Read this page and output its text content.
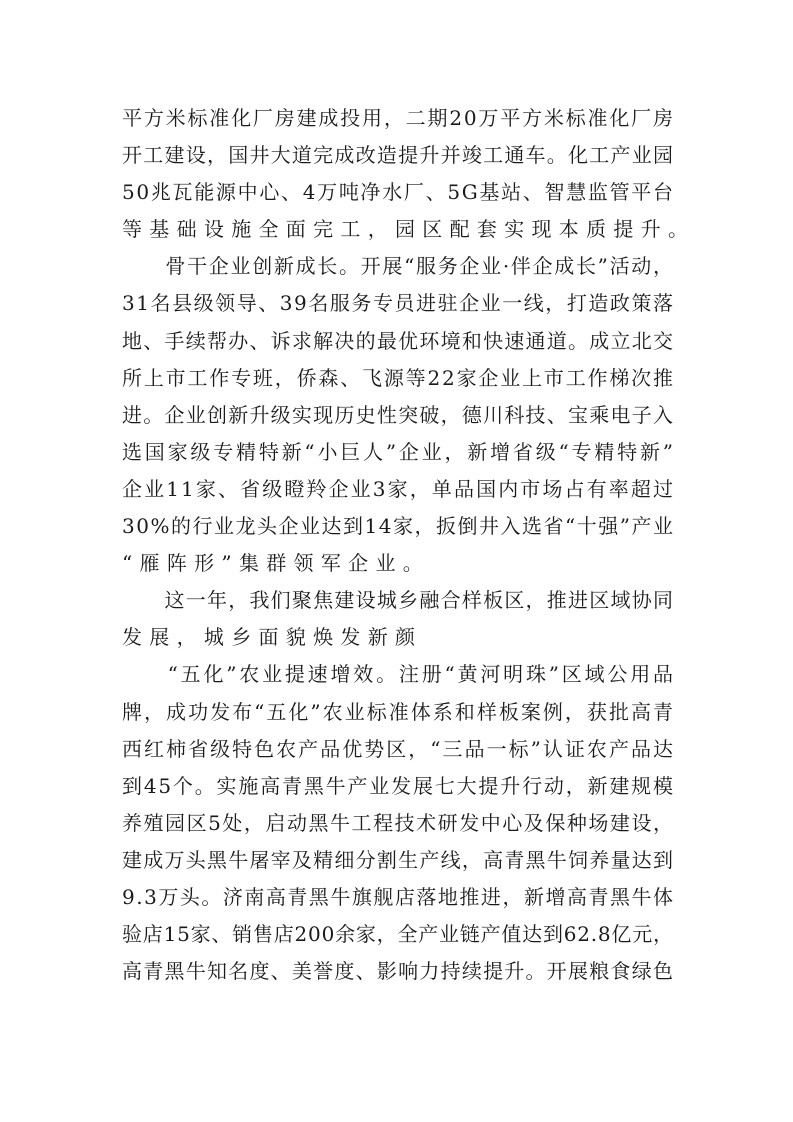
平方米标准化厂房建成投用，二期20万平方米标准化厂房
开工建设，国井大道完成改造提升并竣工通车。化工产业园
50兆瓦能源中心、4万吨净水厂、5G基站、智慧监管平台
等基础设施全面完工，园区配套实现本质提升。
　　骨干企业创新成长。开展“服务企业·伴企成长”活动，
31名县级领导、39名服务专员进驻企业一线，打造政策落
地、手续帮办、诉求解决的最优环境和快速通道。成立北交
所上市工作专班，侨森、飞源等22家企业上市工作梯次推
进。企业创新升级实现历史性突破，德川科技、宝乘电子入
选国家级专精特新“小巨人”企业，新增省级“专精特新”
企业11家、省级瞪羚企业3家，单品国内市场占有率超过
30%的行业龙头企业达到14家，扳倒井入选省“十强”产业
“雁阵形”集群领军企业。
　　这一年，我们聚焦建设城乡融合样板区，推进区域协同
发展，城乡面貌焕发新颜
　　“五化”农业提速增效。注册“黄河明珠”区域公用品
牌，成功发布“五化”农业标准体系和样板案例，获批高青
西红柿省级特色农产品优势区，“三品一标”认证农产品达
到45个。实施高青黑牛产业发展七大提升行动，新建规模
养殖园区5处，启动黑牛工程技术研发中心及保种场建设，
建成万头黑牛屠宰及精细分割生产线，高青黑牛饲养量达到
9.3万头。济南高青黑牛旗舰店落地推进，新增高青黑牛体
验店15家、销售店200余家，全产业链产值达到62.8亿元，
高青黑牛知名度、美誉度、影响力持续提升。开展粮食绿色
